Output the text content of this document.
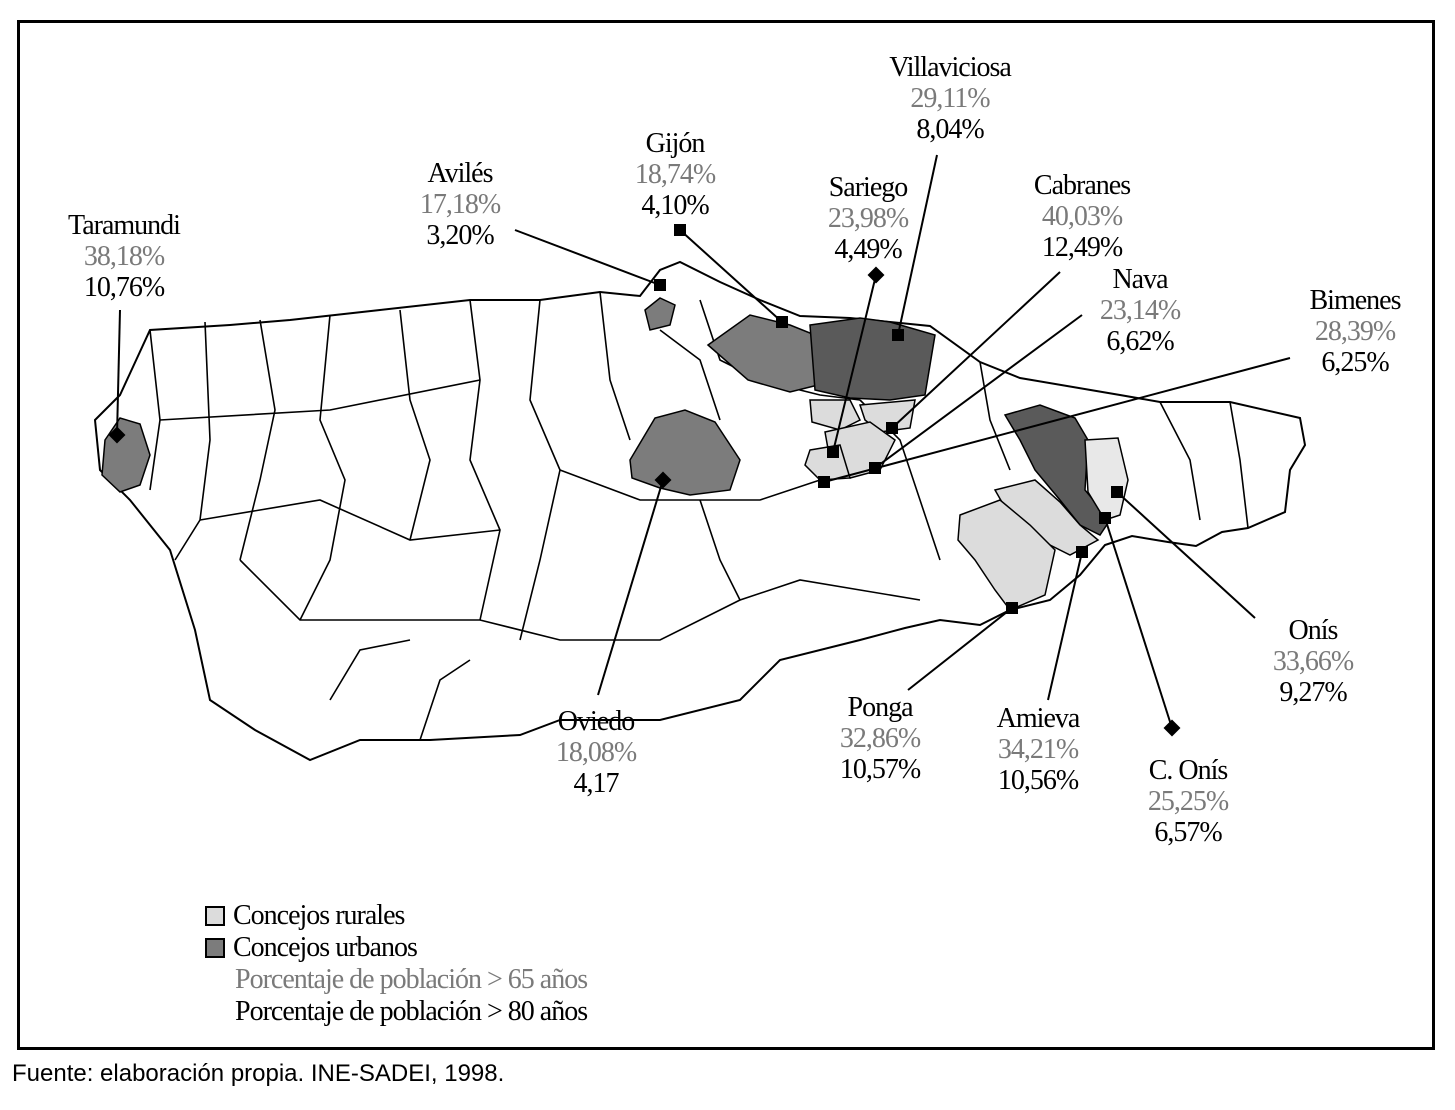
Taramundi
38,18%
10,76%
Avilés
17,18%
3,20%
Gijón
18,74%
4,10%
Sariego
23,98%
4,49%
Villaviciosa
29,11%
8,04%
Cabranes
40,03%
12,49%
Nava
23,14%
6,62%
Bimenes
28,39%
6,25%
Onís
33,66%
9,27%
Oviedo
18,08%
4,17
Ponga
32,86%
10,57%
Amieva
34,21%
10,56%	C. Onís
25,25%
6,57%
Concejos rurales
Concejos urbanos
Porcentaje de población > 65 años
Porcentaje de población > 80 años
Fuente: elaboración propia. INE-SADEI, 1998.
